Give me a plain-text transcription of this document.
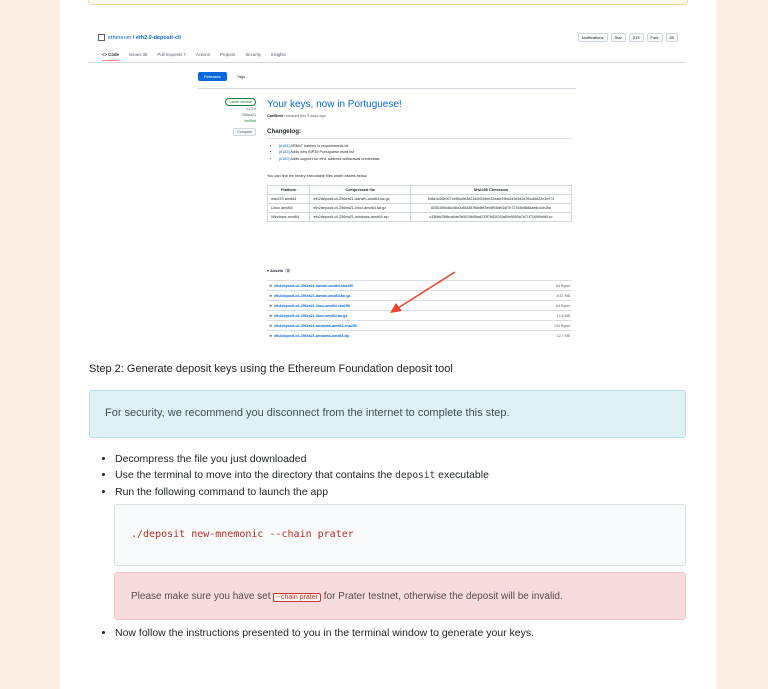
ethereum / eth2.0-deposit-cli	Notifications	Star	213	Fork	89
<> Code Issues 38 Pull requests 7 Actions Projects Security Insights
Releases	Tags
Latest release
v1.2.0
256ea21
Verified
Compare
Your keys, now in Portuguese!
CarlBeek released this 5 days ago
Changelog:
• [#184] ARMv7 hashes in requirements.txt
• [#183] Adds new BIP39 Portuguese word list
• [#180] Adds support for eth1 address withdrawal credentials
You can find the binary executable files under assets below.
Platform	Compressed file	SHA256 Checksum
macOS amd64	eth2deposit-cli-256ea21-darwin-amd64.tar.gz	5d6e4c55e00744f6bc963821a2b536ee32eafe29bd343e542a7fbcd6d22e3e973
Linux amd64	eth2deposit-cli-256ea21-linux-amd64.tar.gz	825035b6d6c08c0c85a387f6e8bf3e9df93dfd16f7b72763b6888ae8c4cb35a
Windows amd64	eth2deposit-cli-256ea21-windows-amd64.zip	c436bb258bca0ae3b5019b06ad233f7b83f243a80e5950a7b71f7169f0a961cc
▾ Assets 6
⊕ eth2deposit-cli-256ea21-darwin-amd64.sha256	64 Bytes
⊕ eth2deposit-cli-256ea21-darwin-amd64.tar.gz	8.57 MB
⊕ eth2deposit-cli-256ea21-linux-amd64.sha256	64 Bytes
⊕ eth2deposit-cli-256ea21-linux-amd64.tar.gz	14.8 MB
⊕ eth2deposit-cli-256ea21-windows-amd64.sha256	134 Bytes
⊕ eth2deposit-cli-256ea21-windows-amd64.zip	12.7 MB
Step 2: Generate deposit keys using the Ethereum Foundation deposit tool
For security, we recommend you disconnect from the internet to complete this step.
• Decompress the file you just downloaded
• Use the terminal to move into the directory that contains the deposit executable
• Run the following command to launch the app
./deposit new-mnemonic --chain prater
Please make sure you have set --chain prater for Prater testnet, otherwise the deposit will be invalid.
• Now follow the instructions presented to you in the terminal window to generate your keys.
